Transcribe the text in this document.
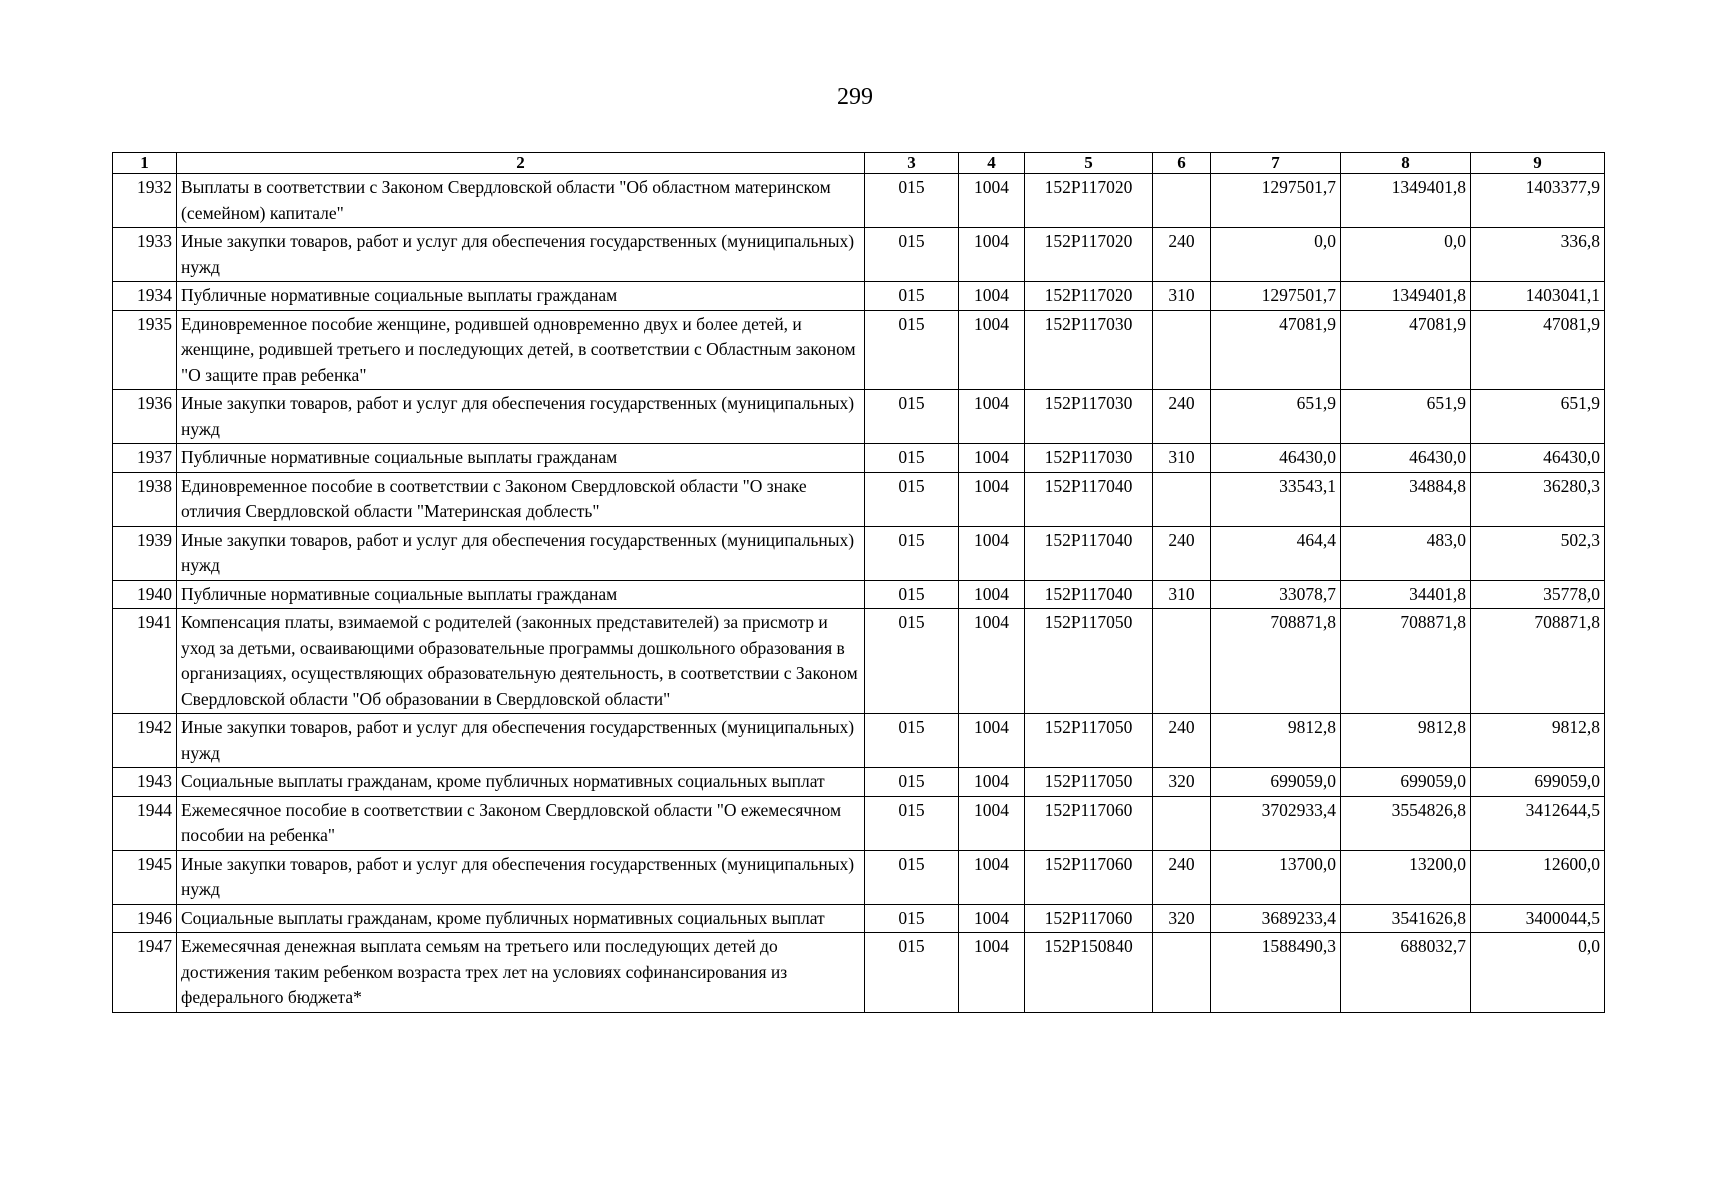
299
1	2	3	4	5	6	7	8	9
1932	Выплаты в соответствии с Законом Свердловской области "Об областном материнском (семейном) капитале"	015	1004	152P117020		1297501,7	1349401,8	1403377,9
1933	Иные закупки товаров, работ и услуг для обеспечения государственных (муниципальных) нужд	015	1004	152P117020	240	0,0	0,0	336,8
1934	Публичные нормативные социальные выплаты гражданам	015	1004	152P117020	310	1297501,7	1349401,8	1403041,1
1935	Единовременное пособие женщине, родившей одновременно двух и более детей, и женщине, родившей третьего и последующих детей, в соответствии с Областным законом "О защите прав ребенка"	015	1004	152P117030		47081,9	47081,9	47081,9
1936	Иные закупки товаров, работ и услуг для обеспечения государственных (муниципальных) нужд	015	1004	152P117030	240	651,9	651,9	651,9
1937	Публичные нормативные социальные выплаты гражданам	015	1004	152P117030	310	46430,0	46430,0	46430,0
1938	Единовременное пособие в соответствии с Законом Свердловской области "О знаке отличия Свердловской области "Материнская доблесть"	015	1004	152P117040		33543,1	34884,8	36280,3
1939	Иные закупки товаров, работ и услуг для обеспечения государственных (муниципальных) нужд	015	1004	152P117040	240	464,4	483,0	502,3
1940	Публичные нормативные социальные выплаты гражданам	015	1004	152P117040	310	33078,7	34401,8	35778,0
1941	Компенсация платы, взимаемой с родителей (законных представителей) за присмотр и уход за детьми, осваивающими образовательные программы дошкольного образования в организациях, осуществляющих образовательную деятельность, в соответствии с Законом Свердловской области "Об образовании в Свердловской области"	015	1004	152P117050		708871,8	708871,8	708871,8
1942	Иные закупки товаров, работ и услуг для обеспечения государственных (муниципальных) нужд	015	1004	152P117050	240	9812,8	9812,8	9812,8
1943	Социальные выплаты гражданам, кроме публичных нормативных социальных выплат	015	1004	152P117050	320	699059,0	699059,0	699059,0
1944	Ежемесячное пособие в соответствии с Законом Свердловской области "О ежемесячном пособии на ребенка"	015	1004	152P117060		3702933,4	3554826,8	3412644,5
1945	Иные закупки товаров, работ и услуг для обеспечения государственных (муниципальных) нужд	015	1004	152P117060	240	13700,0	13200,0	12600,0
1946	Социальные выплаты гражданам, кроме публичных нормативных социальных выплат	015	1004	152P117060	320	3689233,4	3541626,8	3400044,5
1947	Ежемесячная денежная выплата семьям на третьего или последующих детей до достижения таким ребенком возраста трех лет на условиях софинансирования из федерального бюджета*	015	1004	152P150840		1588490,3	688032,7	0,0
